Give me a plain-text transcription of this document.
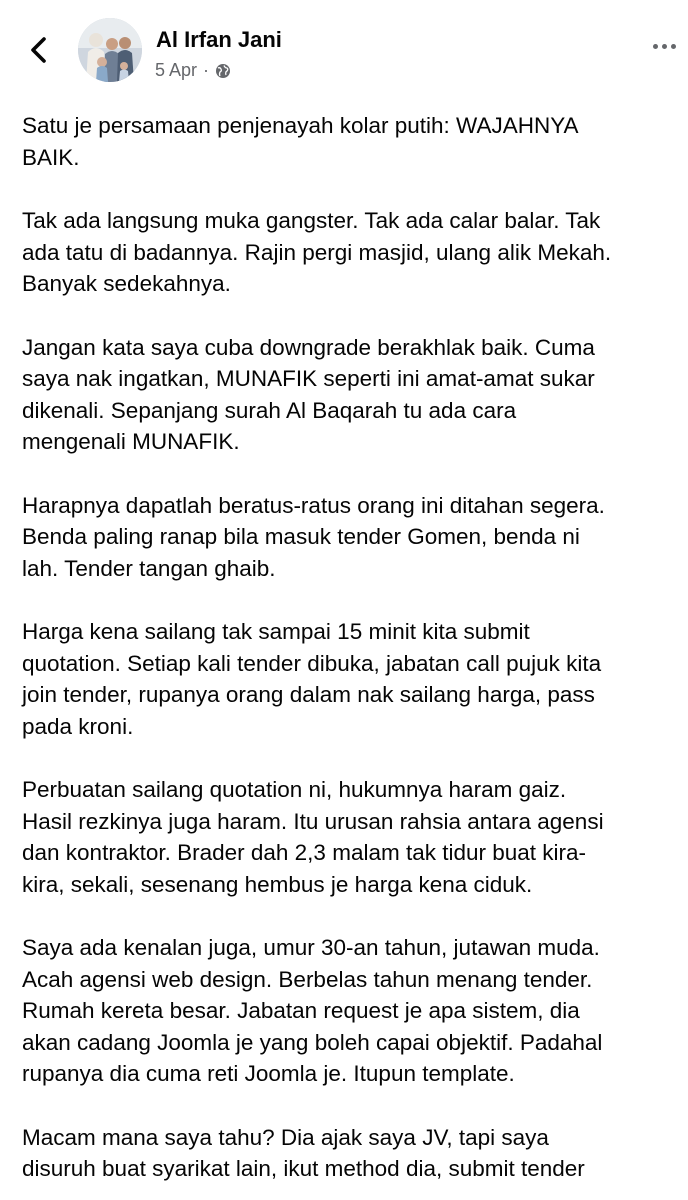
Al Irfan Jani
5 Apr ·

Satu je persamaan penjenayah kolar putih: WAJAHNYA
BAIK.

Tak ada langsung muka gangster. Tak ada calar balar. Tak
ada tatu di badannya. Rajin pergi masjid, ulang alik Mekah.
Banyak sedekahnya.

Jangan kata saya cuba downgrade berakhlak baik. Cuma
saya nak ingatkan, MUNAFIK seperti ini amat-amat sukar
dikenali. Sepanjang surah Al Baqarah tu ada cara
mengenali MUNAFIK.

Harapnya dapatlah beratus-ratus orang ini ditahan segera.
Benda paling ranap bila masuk tender Gomen, benda ni
lah. Tender tangan ghaib.

Harga kena sailang tak sampai 15 minit kita submit
quotation. Setiap kali tender dibuka, jabatan call pujuk kita
join tender, rupanya orang dalam nak sailang harga, pass
pada kroni.

Perbuatan sailang quotation ni, hukumnya haram gaiz.
Hasil rezkinya juga haram. Itu urusan rahsia antara agensi
dan kontraktor. Brader dah 2,3 malam tak tidur buat kira-
kira, sekali, sesenang hembus je harga kena ciduk.

Saya ada kenalan juga, umur 30-an tahun, jutawan muda.
Acah agensi web design. Berbelas tahun menang tender.
Rumah kereta besar. Jabatan request je apa sistem, dia
akan cadang Joomla je yang boleh capai objektif. Padahal
rupanya dia cuma reti Joomla je. Itupun template.

Macam mana saya tahu? Dia ajak saya JV, tapi saya
disuruh buat syarikat lain, ikut method dia, submit tender
